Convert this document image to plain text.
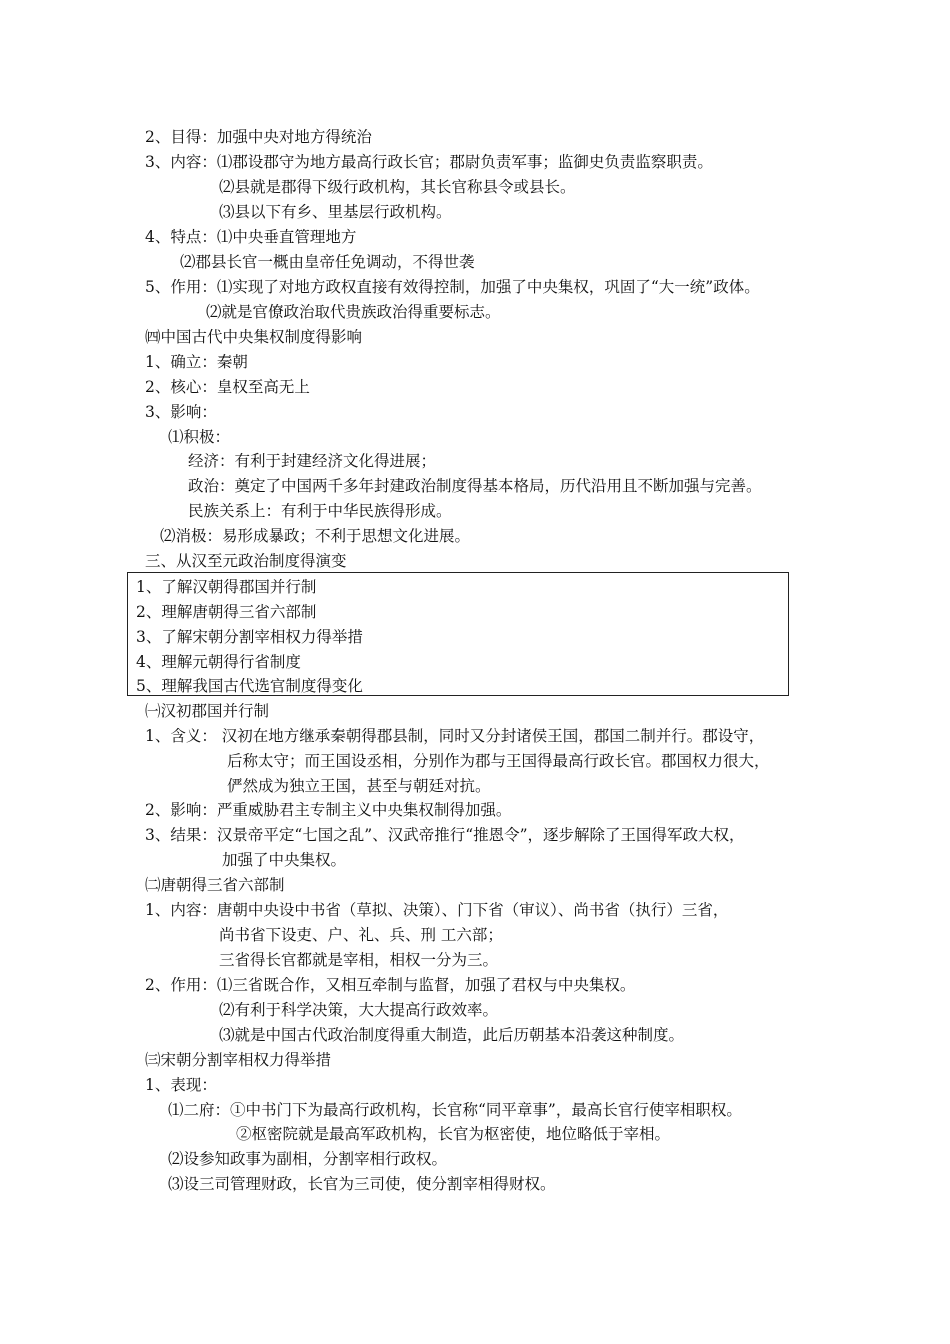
2、目得：加强中央对地方得统治
3、内容：⑴郡设郡守为地方最高行政长官；郡尉负责军事；监御史负责监察职责。
⑵县就是郡得下级行政机构，其长官称县令或县长。
⑶县以下有乡、里基层行政机构。
4、特点：⑴中央垂直管理地方
⑵郡县长官一概由皇帝任免调动，不得世袭
5、作用：⑴实现了对地方政权直接有效得控制，加强了中央集权，巩固了“大一统”政体。
⑵就是官僚政治取代贵族政治得重要标志。
㈣中国古代中央集权制度得影响
1、确立：秦朝
2、核心：皇权至高无上
3、影响：
⑴积极：
经济：有利于封建经济文化得进展；
政治：奠定了中国两千多年封建政治制度得基本格局，历代沿用且不断加强与完善。
民族关系上：有利于中华民族得形成。
⑵消极：易形成暴政；不利于思想文化进展。
三、从汉至元政治制度得演变
1、了解汉朝得郡国并行制
2、理解唐朝得三省六部制
3、了解宋朝分割宰相权力得举措
4、理解元朝得行省制度
5、理解我国古代选官制度得变化
㈠汉初郡国并行制
1、含义： 汉初在地方继承秦朝得郡县制，同时又分封诸侯王国，郡国二制并行。郡设守，
后称太守；而王国设丞相，分别作为郡与王国得最高行政长官。郡国权力很大，
俨然成为独立王国，甚至与朝廷对抗。
2、影响：严重威胁君主专制主义中央集权制得加强。
3、结果：汉景帝平定“七国之乱”、汉武帝推行“推恩令”，逐步解除了王国得军政大权，
加强了中央集权。
㈡唐朝得三省六部制
1、内容：唐朝中央设中书省（草拟、决策）、门下省（审议）、尚书省（执行）三省，
尚书省下设吏、户、礼、兵、刑 工六部；
三省得长官都就是宰相，相权一分为三。
2、作用：⑴三省既合作，又相互牵制与监督，加强了君权与中央集权。
⑵有利于科学决策，大大提高行政效率。
⑶就是中国古代政治制度得重大制造，此后历朝基本沿袭这种制度。
㈢宋朝分割宰相权力得举措
1、表现：
⑴二府：①中书门下为最高行政机构，长官称“同平章事”，最高长官行使宰相职权。
②枢密院就是最高军政机构，长官为枢密使，地位略低于宰相。
⑵设参知政事为副相，分割宰相行政权。
⑶设三司管理财政，长官为三司使，使分割宰相得财权。
